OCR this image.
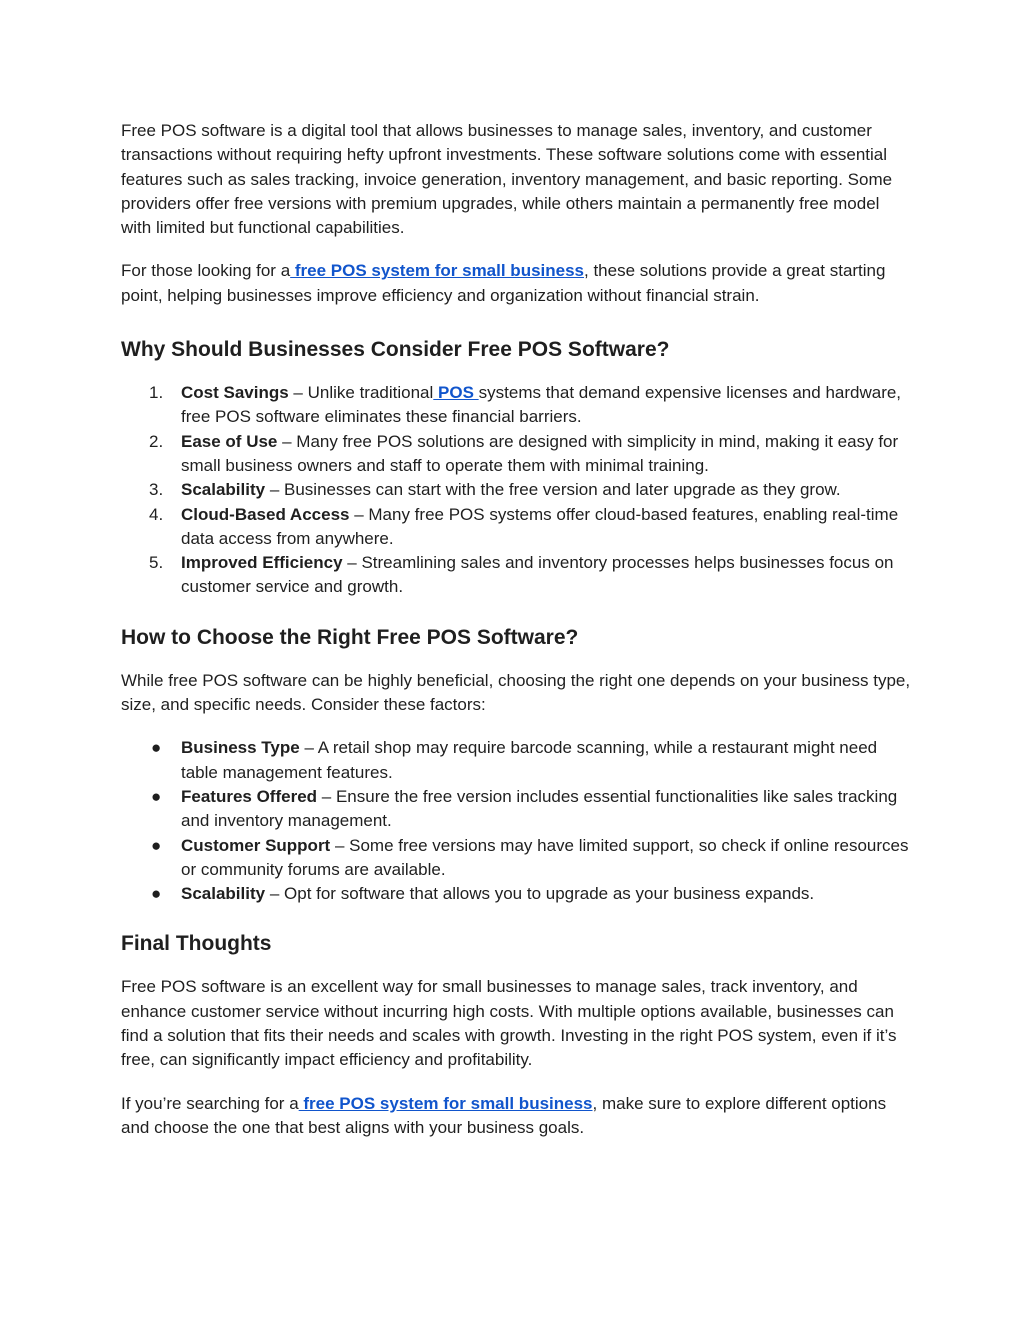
Free POS software is a digital tool that allows businesses to manage sales, inventory, and customer transactions without requiring hefty upfront investments. These software solutions come with essential features such as sales tracking, invoice generation, inventory management, and basic reporting. Some providers offer free versions with premium upgrades, while others maintain a permanently free model with limited but functional capabilities.

For those looking for a free POS system for small business, these solutions provide a great starting point, helping businesses improve efficiency and organization without financial strain.

Why Should Businesses Consider Free POS Software?
1. Cost Savings – Unlike traditional POS systems that demand expensive licenses and hardware, free POS software eliminates these financial barriers.
2. Ease of Use – Many free POS solutions are designed with simplicity in mind, making it easy for small business owners and staff to operate them with minimal training.
3. Scalability – Businesses can start with the free version and later upgrade as they grow.
4. Cloud-Based Access – Many free POS systems offer cloud-based features, enabling real-time data access from anywhere.
5. Improved Efficiency – Streamlining sales and inventory processes helps businesses focus on customer service and growth.
How to Choose the Right Free POS Software?

While free POS software can be highly beneficial, choosing the right one depends on your business type, size, and specific needs. Consider these factors:

● Business Type – A retail shop may require barcode scanning, while a restaurant might need table management features.
● Features Offered – Ensure the free version includes essential functionalities like sales tracking and inventory management.
● Customer Support – Some free versions may have limited support, so check if online resources or community forums are available.
● Scalability – Opt for software that allows you to upgrade as your business expands.
Final Thoughts

Free POS software is an excellent way for small businesses to manage sales, track inventory, and enhance customer service without incurring high costs. With multiple options available, businesses can find a solution that fits their needs and scales with growth. Investing in the right POS system, even if it’s free, can significantly impact efficiency and profitability.

If you’re searching for a free POS system for small business, make sure to explore different options and choose the one that best aligns with your business goals.
